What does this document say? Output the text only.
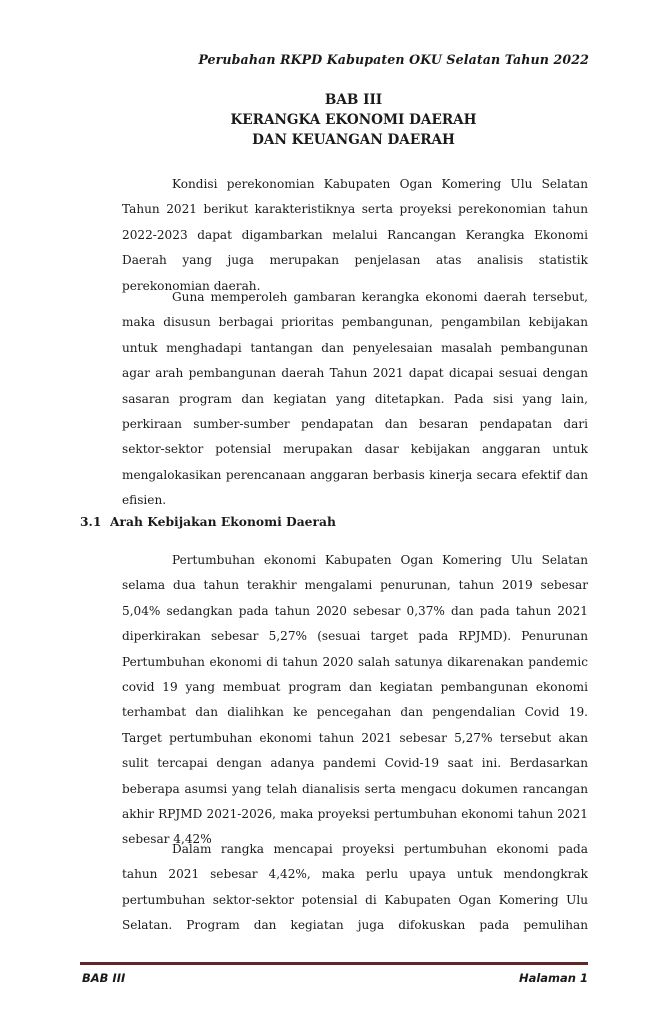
Perubahan RKPD Kabupaten OKU Selatan Tahun 2022
BAB III
KERANGKA EKONOMI DAERAH
DAN KEUANGAN DAERAH

Kondisi perekonomian Kabupaten Ogan Komering Ulu Selatan Tahun 2021 berikut karakteristiknya serta proyeksi perekonomian tahun 2022-2023 dapat digambarkan melalui Rancangan Kerangka Ekonomi Daerah yang juga merupakan penjelasan atas analisis statistik perekonomian daerah.

Guna memperoleh gambaran kerangka ekonomi daerah tersebut, maka disusun berbagai prioritas pembangunan, pengambilan kebijakan untuk menghadapi tantangan dan penyelesaian masalah pembangunan agar arah pembangunan daerah Tahun 2021 dapat dicapai sesuai dengan sasaran program dan kegiatan yang ditetapkan. Pada sisi yang lain, perkiraan sumber-sumber pendapatan dan besaran pendapatan dari sektor-sektor potensial merupakan dasar kebijakan anggaran untuk mengalokasikan perencanaan anggaran berbasis kinerja secara efektif dan efisien.

3.1 Arah Kebijakan Ekonomi Daerah

Pertumbuhan ekonomi Kabupaten Ogan Komering Ulu Selatan selama dua tahun terakhir mengalami penurunan, tahun 2019 sebesar 5,04% sedangkan pada tahun 2020 sebesar 0,37% dan pada tahun 2021 diperkirakan sebesar 5,27% (sesuai target pada RPJMD). Penurunan Pertumbuhan ekonomi di tahun 2020 salah satunya dikarenakan pandemic covid 19 yang membuat program dan kegiatan pembangunan ekonomi terhambat dan dialihkan ke pencegahan dan pengendalian Covid 19. Target pertumbuhan ekonomi tahun 2021 sebesar 5,27% tersebut akan sulit tercapai dengan adanya pandemi Covid-19 saat ini. Berdasarkan beberapa asumsi yang telah dianalisis serta mengacu dokumen rancangan akhir RPJMD 2021-2026, maka proyeksi pertumbuhan ekonomi tahun 2021 sebesar 4,42%

Dalam rangka mencapai proyeksi pertumbuhan ekonomi pada tahun 2021 sebesar 4,42%, maka perlu upaya untuk mendongkrak pertumbuhan sektor-sektor potensial di Kabupaten Ogan Komering Ulu Selatan. Program dan kegiatan juga difokuskan pada pemulihan

BAB III	Halaman 1
